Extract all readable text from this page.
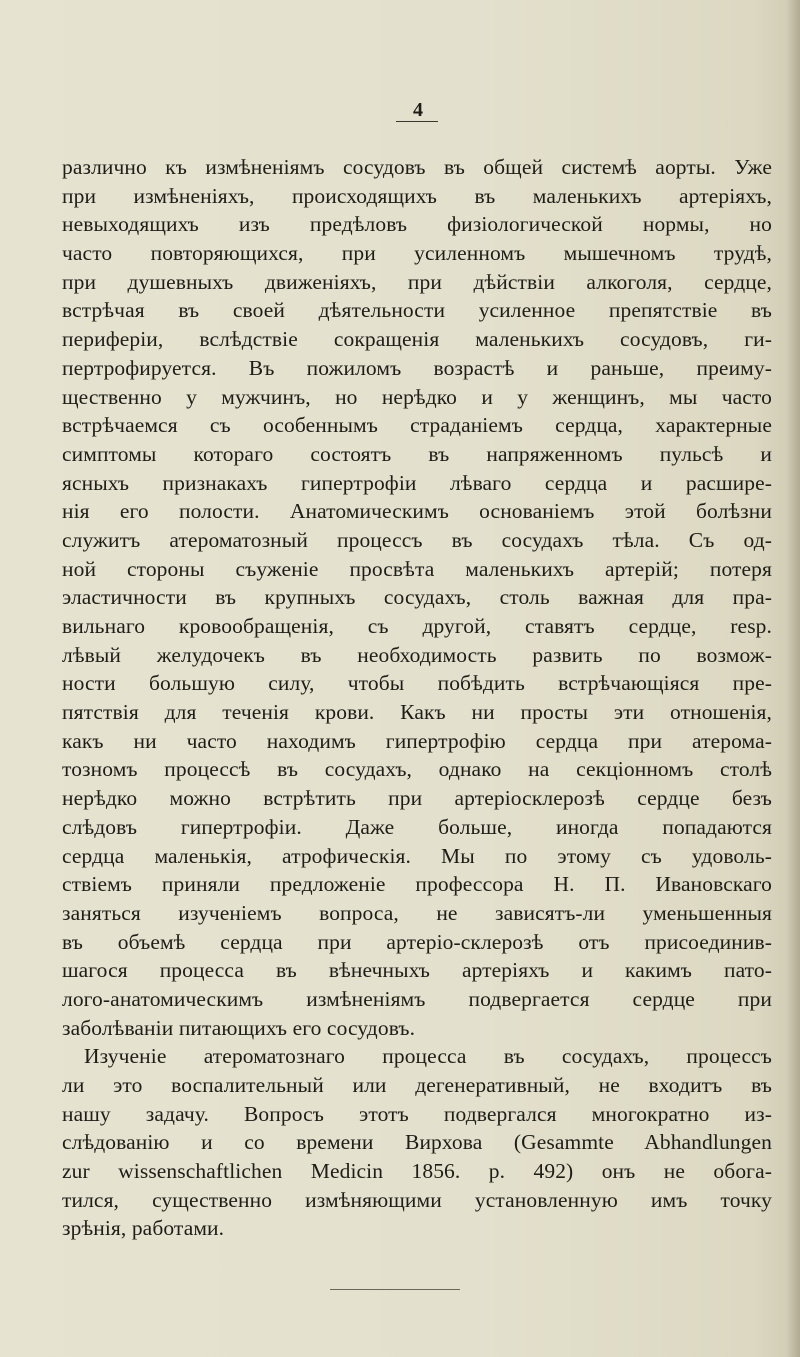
4
различно къ измѣненіямъ сосудовъ въ общей системѣ аорты. Уже
при измѣненіяхъ, происходящихъ въ маленькихъ артеріяхъ,
невыходящихъ изъ предѣловъ физіологической нормы, но
часто повторяющихся, при усиленномъ мышечномъ трудѣ,
при душевныхъ движеніяхъ, при дѣйствіи алкоголя, сердце,
встрѣчая въ своей дѣятельности усиленное препятствіе въ
перифepiи, вслѣдствіе сокращенія маленькихъ сосудовъ, ги-
пертрофируется. Въ пожиломъ возрастѣ и раньше, преиму-
щественно у мужчинъ, но нерѣдко и у женщинъ, мы часто
встрѣчаемся съ особеннымъ страданіемъ сердца, характерные
симптомы котораго состоятъ въ напряженномъ пульсѣ и
ясныхъ признакахъ гипертрофіи лѣваго сердца и расшире-
нія его полости. Анатомическимъ основаніемъ этой болѣзни
служитъ атероматозный процессъ въ сосудахъ тѣла. Съ од-
ной стороны съуженіе просвѣта маленькихъ артерій; потеря
эластичности въ крупныхъ сосудахъ, столь важная для пра-
вильнаго кровообращенія, съ другой, ставятъ сердце, resp.
лѣвый желудочекъ въ необходимость развить по возмож-
ности большую силу, чтобы побѣдить встрѣчающіяся пре-
пятствія для теченія крови. Какъ ни просты эти отношенія,
какъ ни часто находимъ гипертрофію сердца при атерома-
тозномъ процессѣ въ сосудахъ, однако на секціонномъ столѣ
нерѣдко можно встрѣтить при артеріосклерозѣ сердце безъ
слѣдовъ гипертрофіи. Даже больше, иногда попадаются
сердца маленькія, атрофическія. Мы по этому съ удоволь-
ствіемъ приняли предложеніе профессора Н. П. Ивановскаго
заняться изученіемъ вопроса, не зависятъ-ли уменьшенныя
въ объемѣ сердца при артеріо-склерозѣ отъ присоединив-
шагося процесса въ вѣнечныхъ артеріяхъ и какимъ пато-
лого-анатомическимъ измѣненіямъ подвергается сердце при
заболѣваніи питающихъ его сосудовъ.
Изученіе атероматознаго процесса въ сосудахъ, процессъ
ли это воспалительный или дегенеративный, не входитъ въ
нашу задачу. Вопросъ этотъ подвергался многократно из-
слѣдованію и со времени Вирхова (Gesammte Abhandlungen
zur wissenschaftlichen Medicin 1856. p. 492) онъ не обога-
тился, существенно измѣняющими установленную имъ точку
зрѣнія, работами.
